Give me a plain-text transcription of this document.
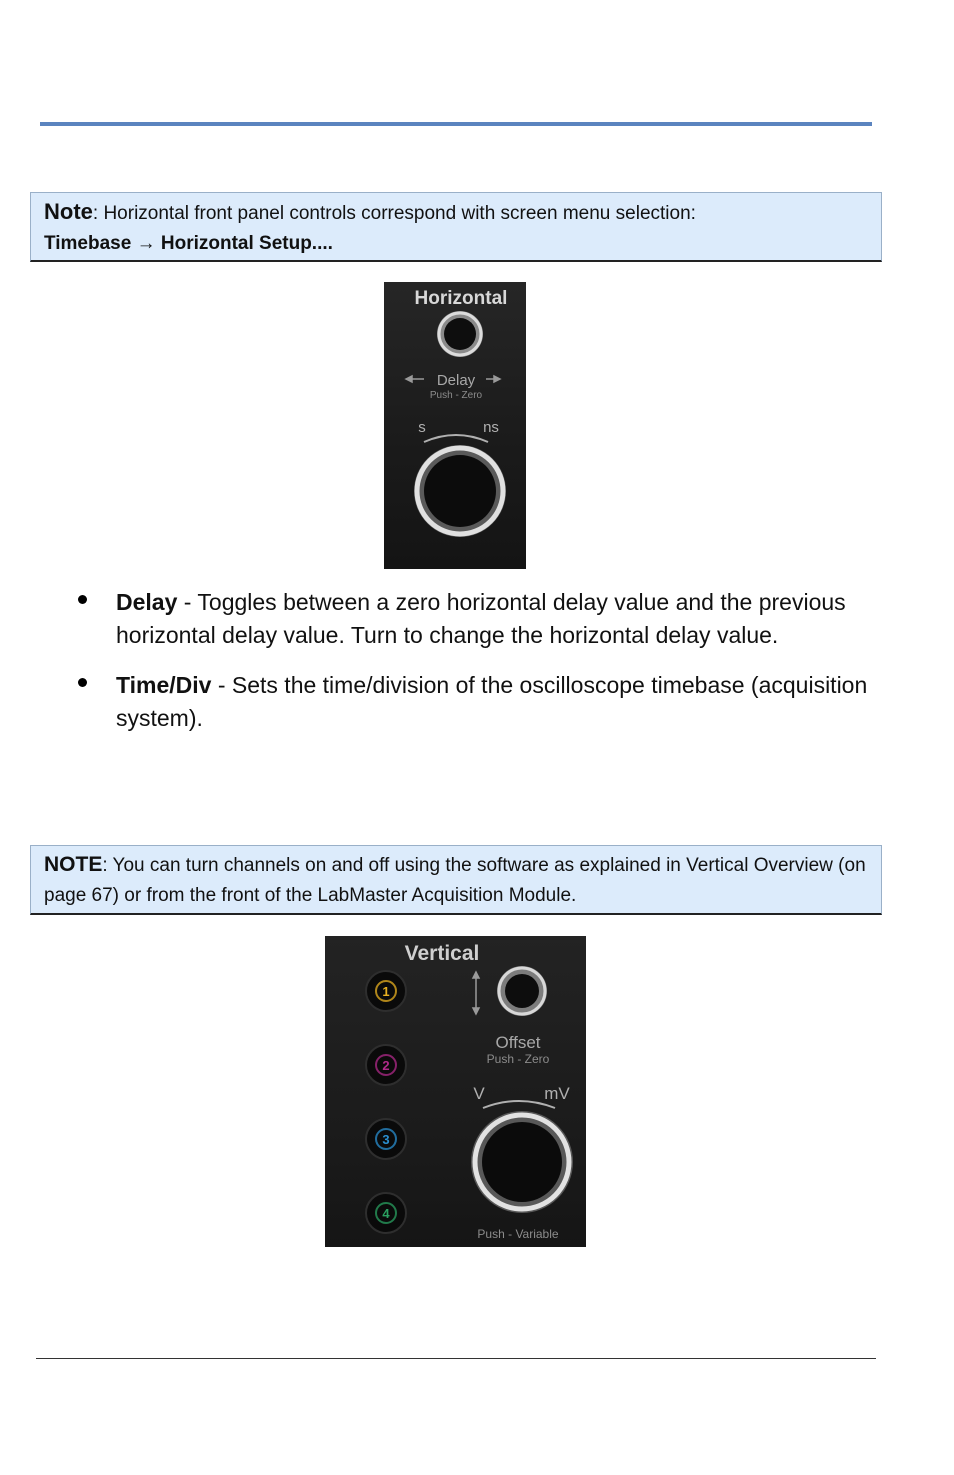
Note: Horizontal front panel controls correspond with screen menu selection:
Timebase → Horizontal Setup....
Horizontal
Delay
Push - Zero
s	ns
Delay - Toggles between a zero horizontal delay value and the previous horizontal delay value. Turn to change the horizontal delay value.
Time/Div - Sets the time/division of the oscilloscope timebase (acquisition system).
NOTE: You can turn channels on and off using the software as explained in Vertical Overview (on page 67) or from the front of the LabMaster Acquisition Module.
Vertical
1
2
3
4
Offset
Push - Zero
V	mV
Push - Variable
